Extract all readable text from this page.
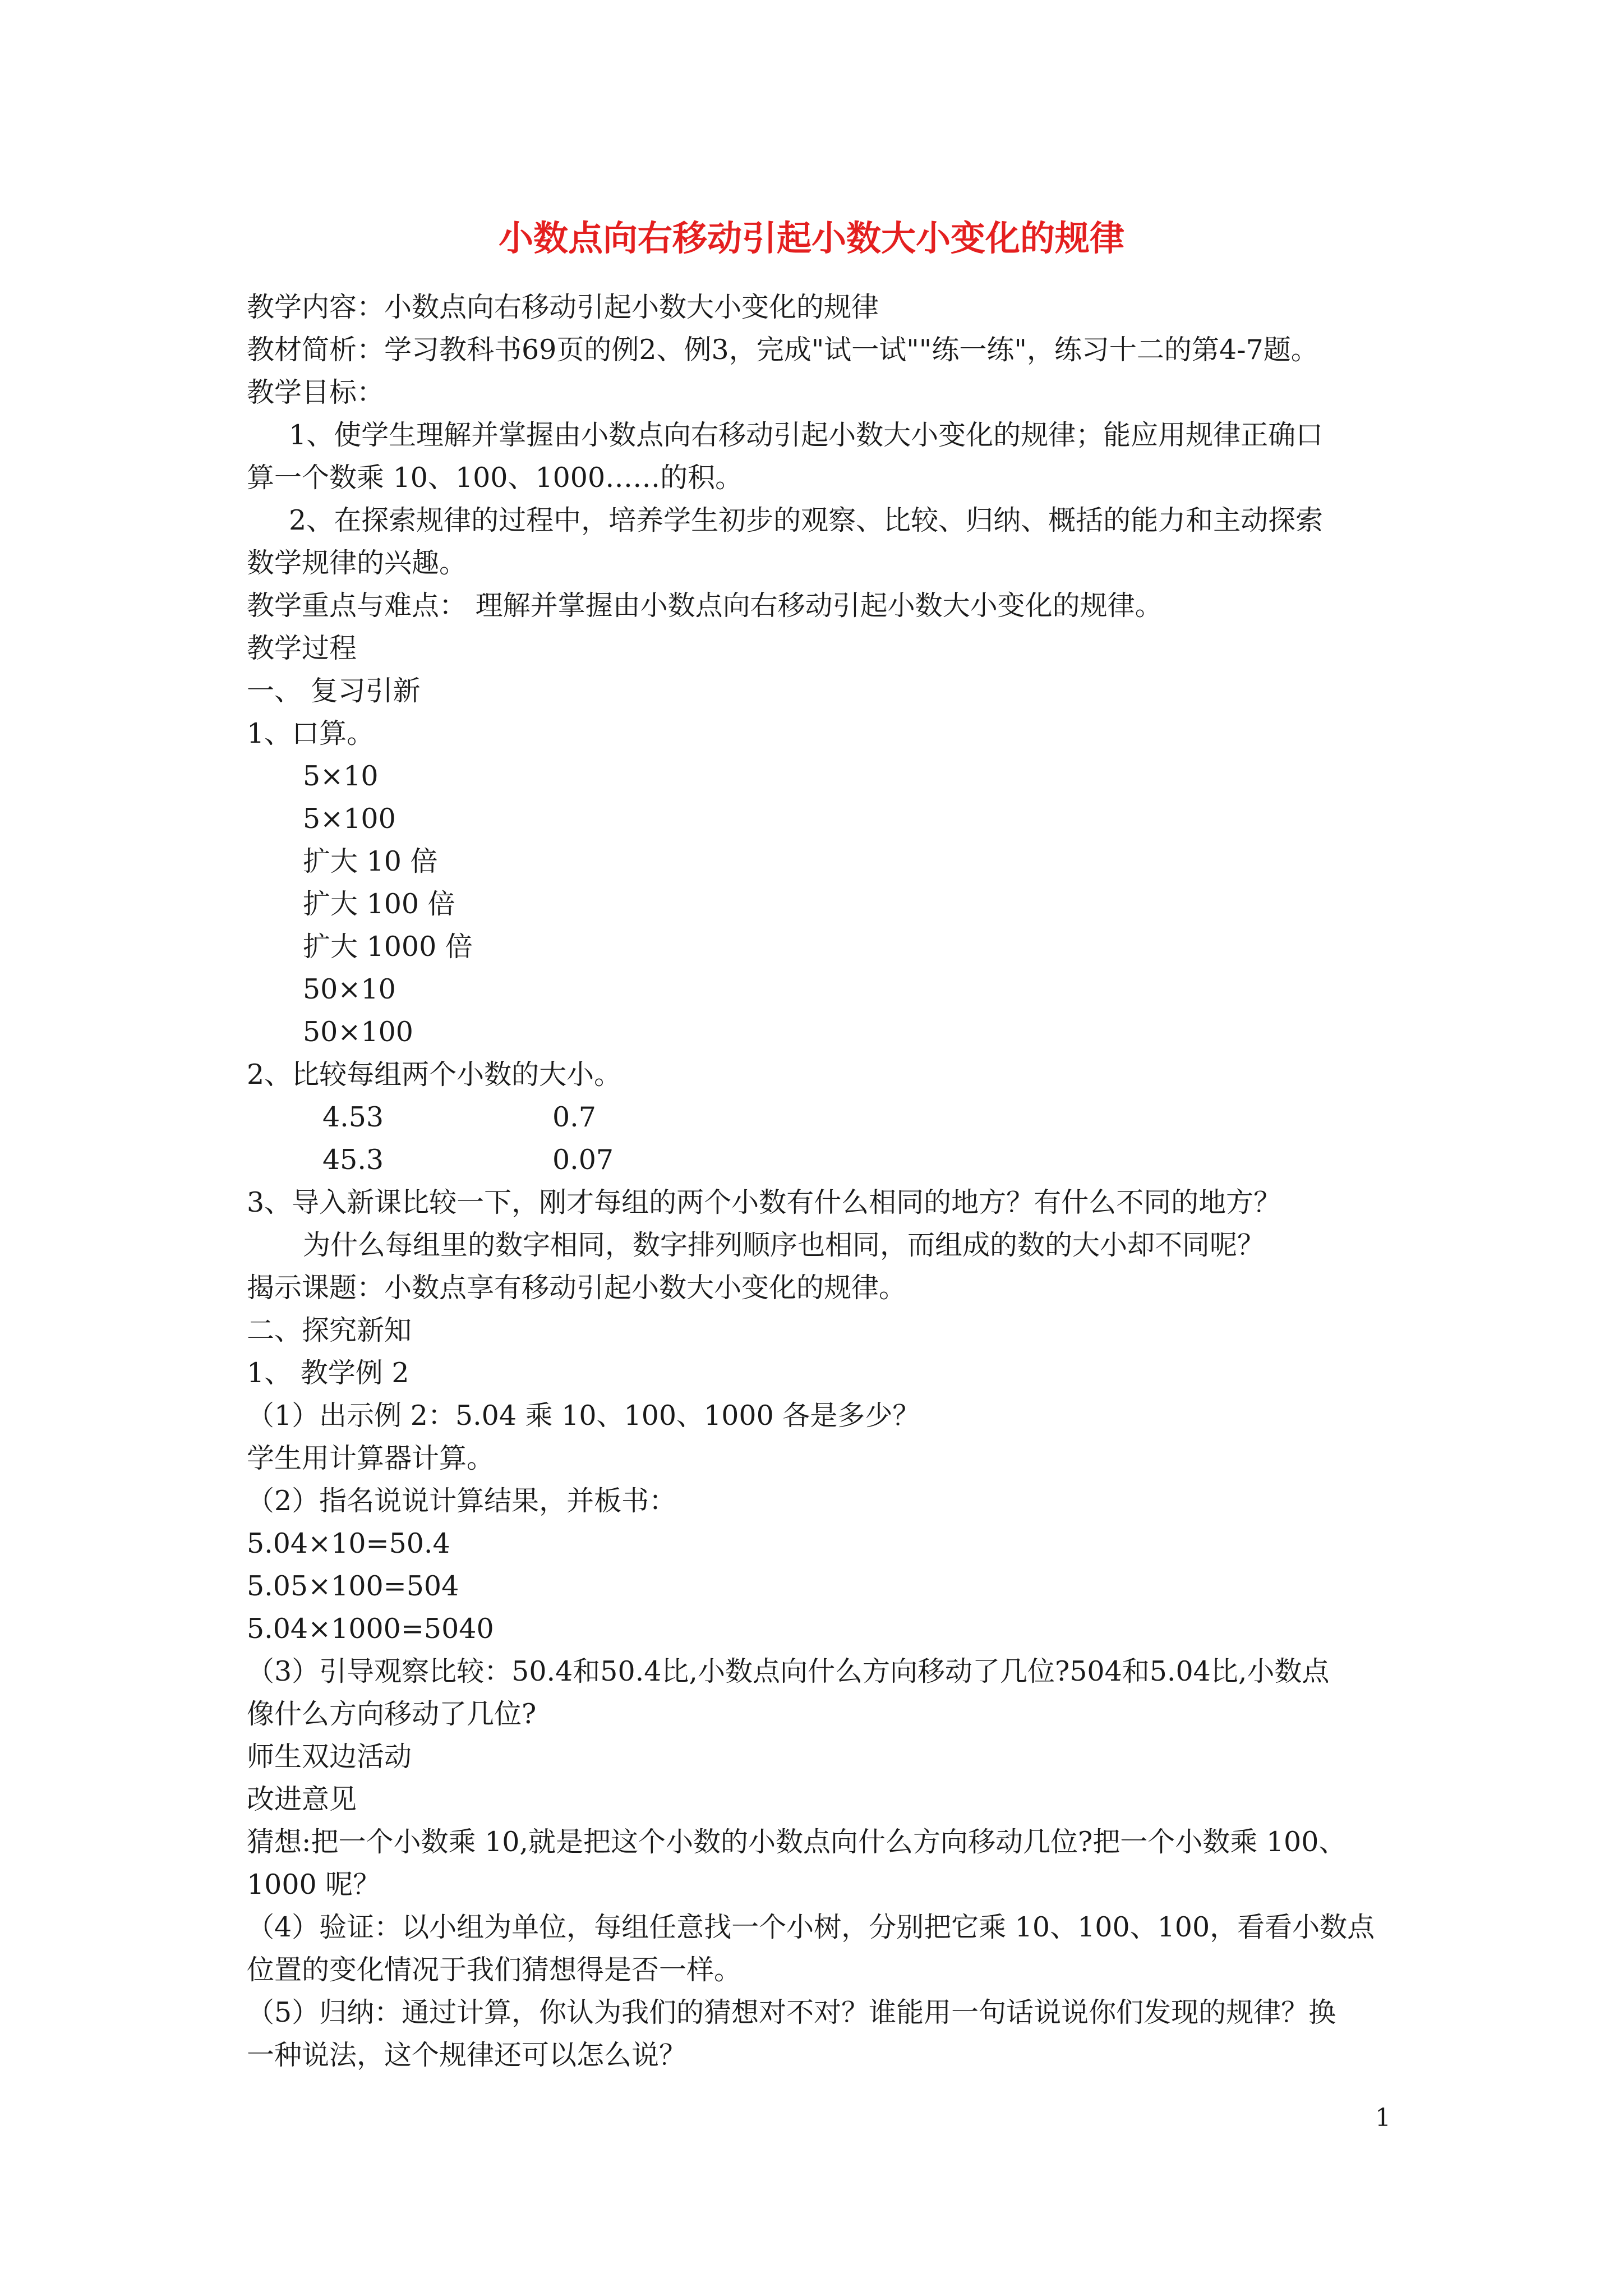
小数点向右移动引起小数大小变化的规律
教学内容：小数点向右移动引起小数大小变化的规律
教材简析：学习教科书69页的例2、例3，完成"试一试""练一练"，练习十二的第4-7题。
教学目标：
1、使学生理解并掌握由小数点向右移动引起小数大小变化的规律；能应用规律正确口
算一个数乘 10、100、1000……的积。
2、在探索规律的过程中，培养学生初步的观察、比较、归纳、概括的能力和主动探索
数学规律的兴趣。
教学重点与难点： 理解并掌握由小数点向右移动引起小数大小变化的规律。
教学过程
一、 复习引新
1、口算。
5×10
5×100
扩大 10 倍
扩大 100 倍
扩大 1000 倍
50×10
50×100
2、比较每组两个小数的大小。
4.53	0.7
45.3	0.07
3、导入新课比较一下，刚才每组的两个小数有什么相同的地方？有什么不同的地方？
为什么每组里的数字相同，数字排列顺序也相同，而组成的数的大小却不同呢？
揭示课题：小数点享有移动引起小数大小变化的规律。
二、探究新知
1、 教学例 2
（1）出示例 2：5.04 乘 10、100、1000 各是多少？
学生用计算器计算。
（2）指名说说计算结果，并板书：
5.04×10=50.4
5.05×100=504
5.04×1000=5040
（3）引导观察比较：50.4和50.4比,小数点向什么方向移动了几位?504和5.04比,小数点
像什么方向移动了几位?
师生双边活动
改进意见
猜想:把一个小数乘 10,就是把这个小数的小数点向什么方向移动几位?把一个小数乘 100、
1000 呢？
（4）验证：以小组为单位，每组任意找一个小树，分别把它乘 10、100、100，看看小数点
位置的变化情况于我们猜想得是否一样。
（5）归纳：通过计算，你认为我们的猜想对不对？谁能用一句话说说你们发现的规律？换
一种说法，这个规律还可以怎么说？
1
